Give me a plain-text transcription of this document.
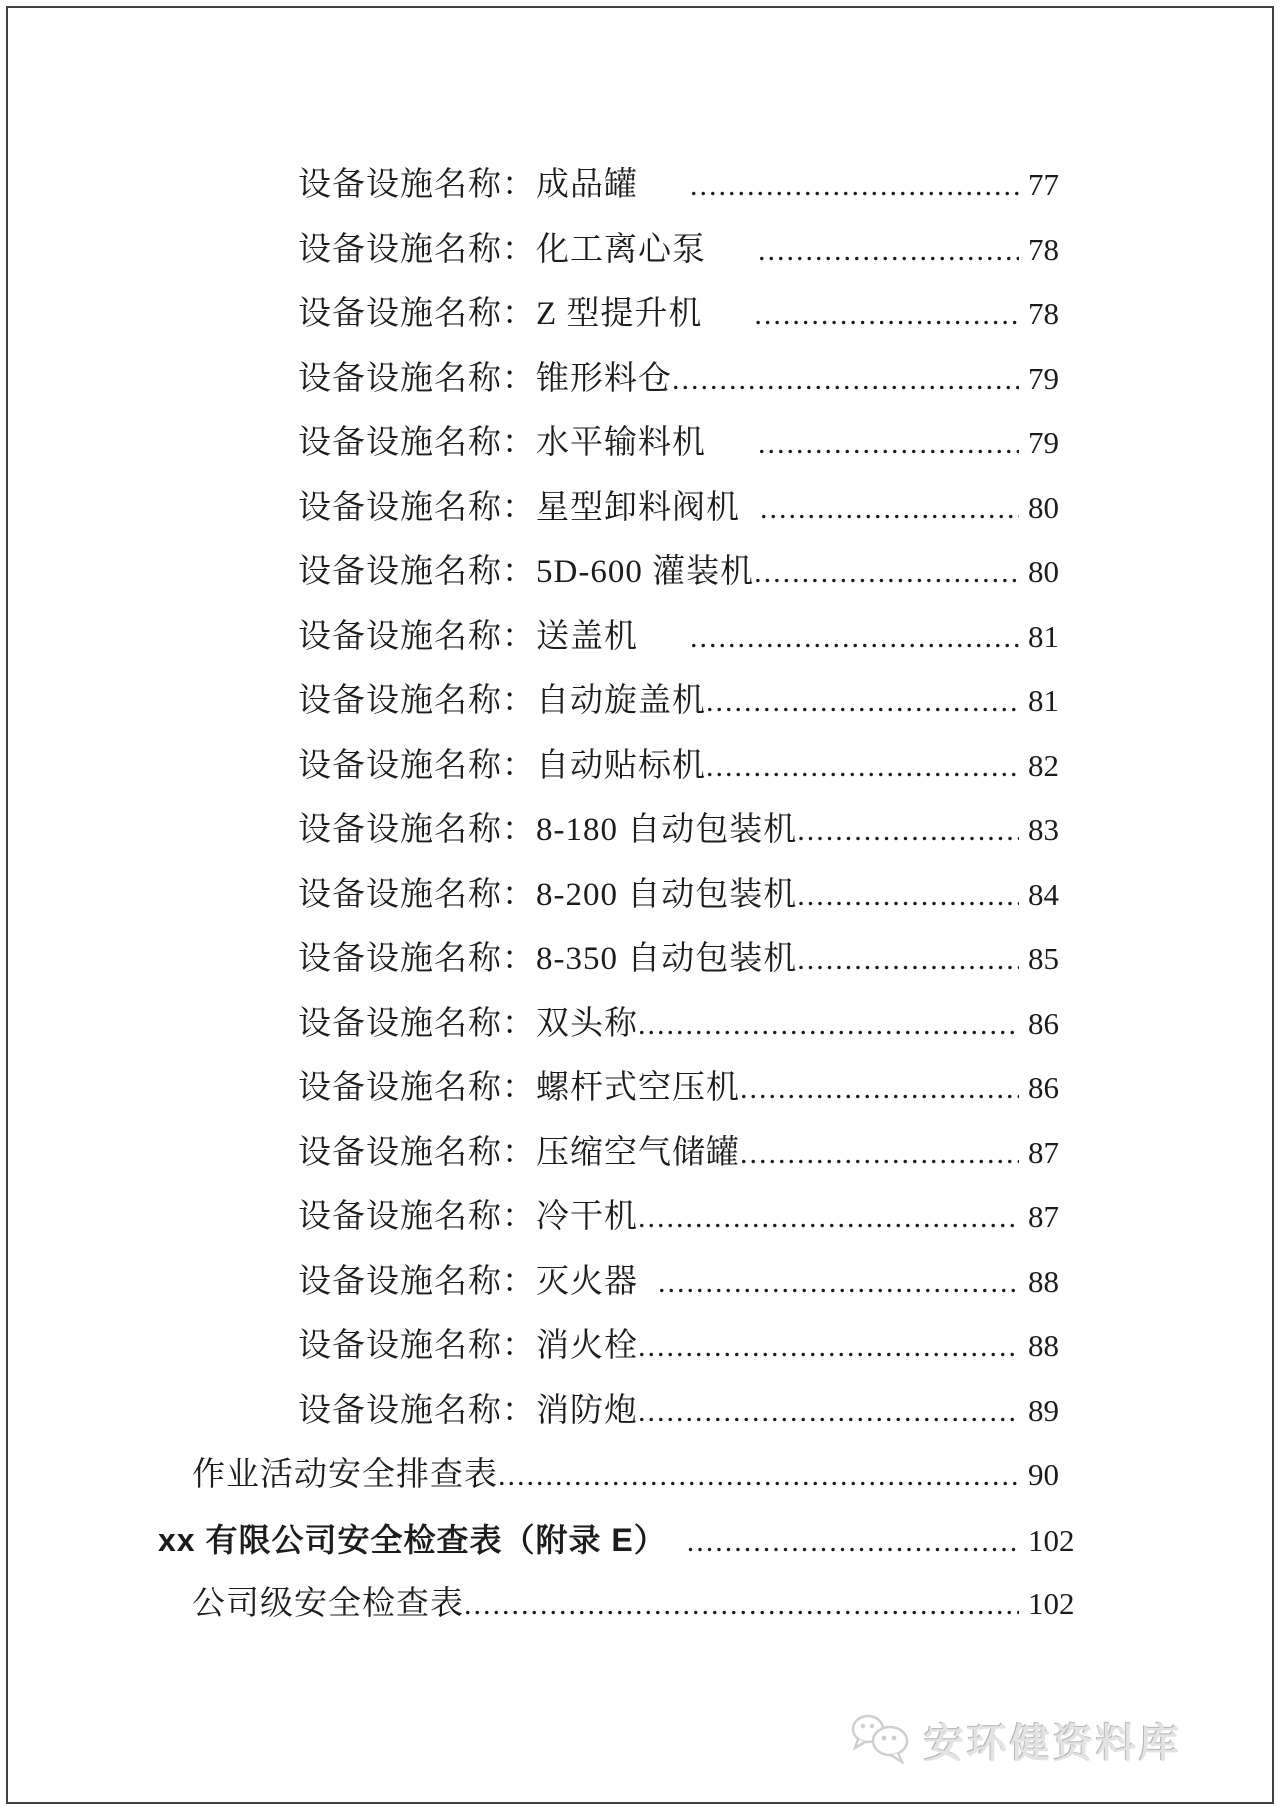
设备设施名称：成品罐 .....	77
设备设施名称：化工离心泵 .....	78
设备设施名称：Z 型提升机 .....	78
设备设施名称：锥形料仓 .....	79
设备设施名称：水平输料机 .....	79
设备设施名称：星型卸料阀机 .....	80
设备设施名称：5D-600 灌装机 .....	80
设备设施名称：送盖机 .....	81
设备设施名称：自动旋盖机 .....	81
设备设施名称：自动贴标机 .....	82
设备设施名称：8-180 自动包装机 .....	83
设备设施名称：8-200 自动包装机 .....	84
设备设施名称：8-350 自动包装机 .....	85
设备设施名称：双头称 .....	86
设备设施名称：螺杆式空压机 .....	86
设备设施名称：压缩空气储罐 .....	87
设备设施名称：冷干机 .....	87
设备设施名称：灭火器 .....	88
设备设施名称：消火栓 .....	88
设备设施名称：消防炮 .....	89
作业活动安全排查表 .....	90
xx 有限公司安全检查表（附录 E） .....	102
公司级安全检查表 .....	102
安环健资料库
